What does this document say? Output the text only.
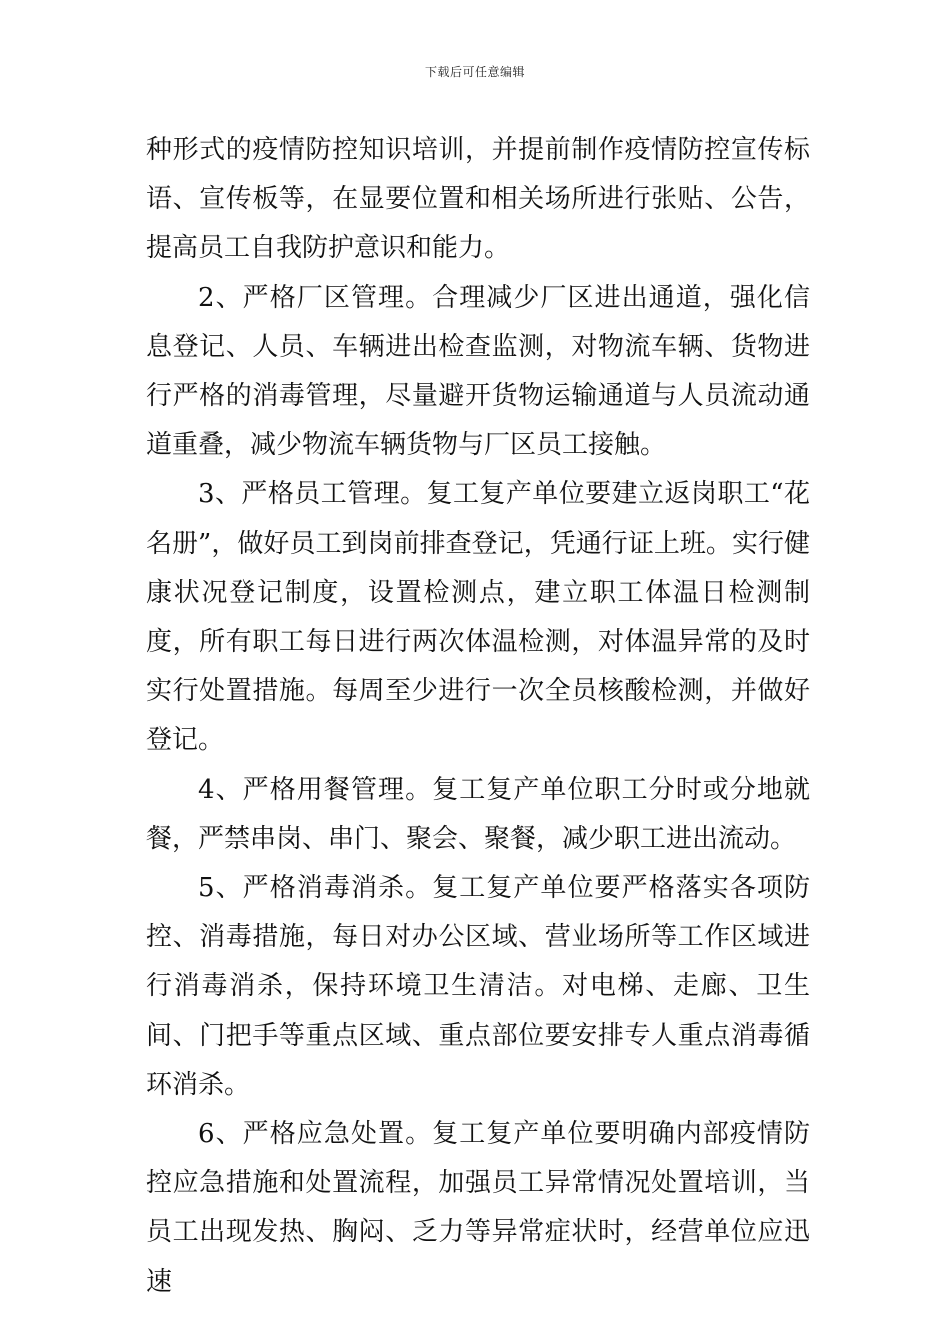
下载后可任意编辑

种形式的疫情防控知识培训，并提前制作疫情防控宣传标语、宣传板等，在显要位置和相关场所进行张贴、公告，提高员工自我防护意识和能力。

2、严格厂区管理。合理减少厂区进出通道，强化信息登记、人员、车辆进出检查监测，对物流车辆、货物进行严格的消毒管理，尽量避开货物运输通道与人员流动通道重叠，减少物流车辆货物与厂区员工接触。

3、严格员工管理。复工复产单位要建立返岗职工“花名册”，做好员工到岗前排查登记，凭通行证上班。实行健康状况登记制度，设置检测点，建立职工体温日检测制度，所有职工每日进行两次体温检测，对体温异常的及时实行处置措施。每周至少进行一次全员核酸检测，并做好登记。

4、严格用餐管理。复工复产单位职工分时或分地就餐，严禁串岗、串门、聚会、聚餐，减少职工进出流动。

5、严格消毒消杀。复工复产单位要严格落实各项防控、消毒措施，每日对办公区域、营业场所等工作区域进行消毒消杀，保持环境卫生清洁。对电梯、走廊、卫生间、门把手等重点区域、重点部位要安排专人重点消毒循环消杀。

6、严格应急处置。复工复产单位要明确内部疫情防控应急措施和处置流程，加强员工异常情况处置培训，当员工出现发热、胸闷、乏力等异常症状时，经营单位应迅速
